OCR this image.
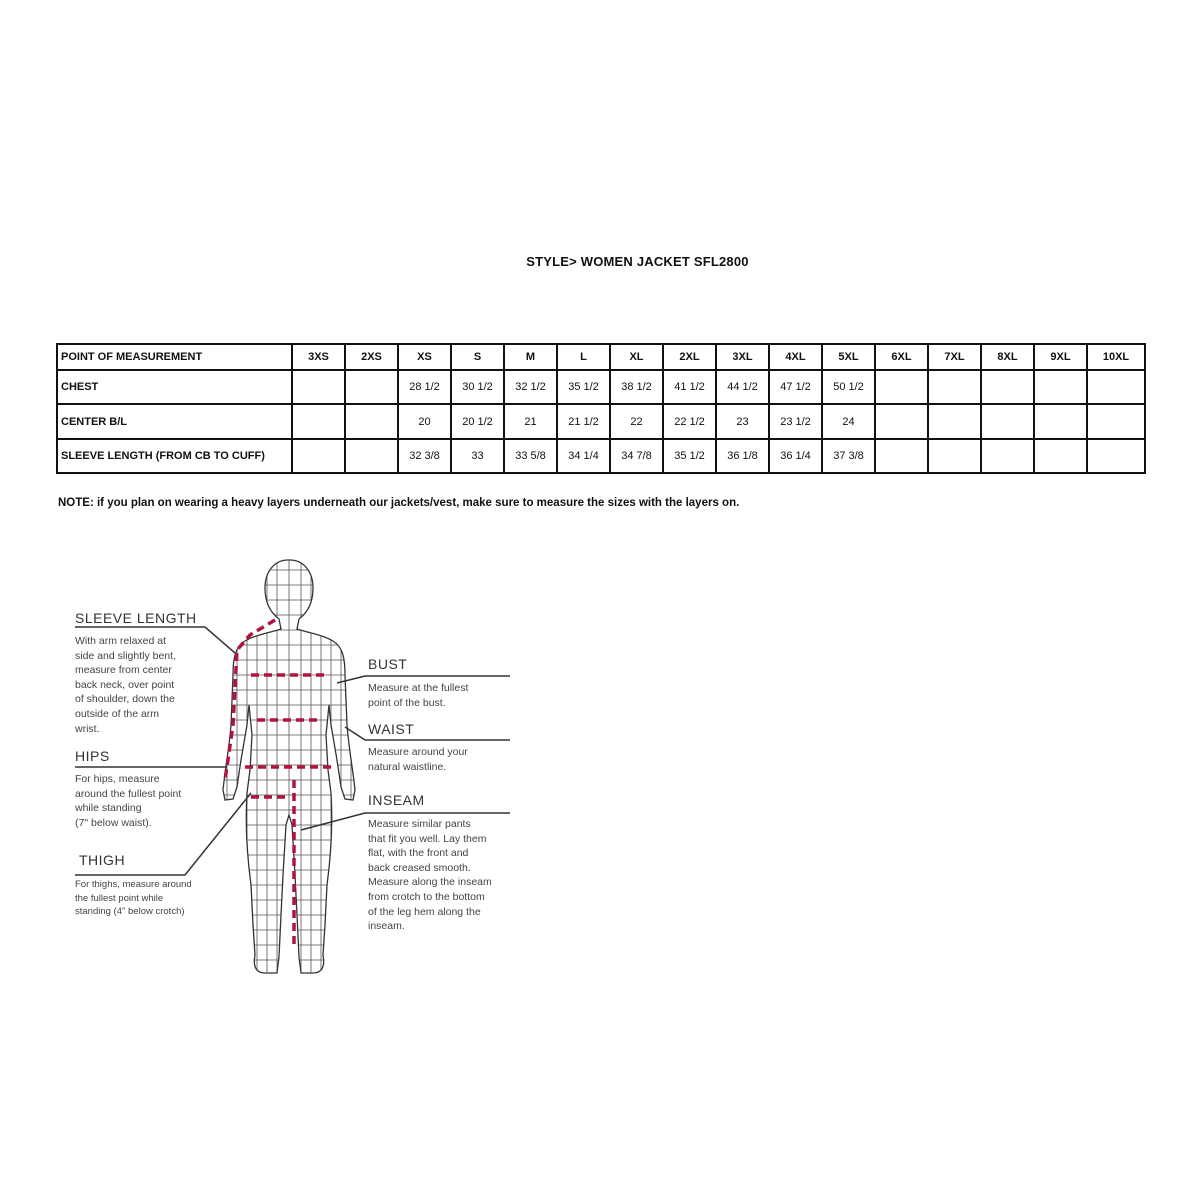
STYLE> WOMEN JACKET SFL2800
POINT OF MEASUREMENT	3XS	2XS	XS	S	M	L	XL	2XL	3XL	4XL	5XL	6XL	7XL	8XL	9XL	10XL
CHEST			28 1/2	30 1/2	32 1/2	35 1/2	38 1/2	41 1/2	44 1/2	47 1/2	50 1/2					
CENTER B/L			20	20 1/2	21	21 1/2	22	22 1/2	23	23 1/2	24					
SLEEVE LENGTH (FROM CB TO CUFF)			32 3/8	33	33 5/8	34 1/4	34 7/8	35 1/2	36 1/8	36 1/4	37 3/8					
NOTE: if you plan on wearing a heavy layers underneath our jackets/vest, make sure to measure the sizes with the layers on.
SLEEVE LENGTH
With arm relaxed at
side and slightly bent,
measure from center
back neck, over point
of shoulder, down the
outside of the arm
wrist.
HIPS
For hips, measure
around the fullest point
while standing
(7" below waist).
THIGH
For thighs, measure around
the fullest point while
standing (4" below crotch)
BUST
Measure at the fullest
point of the bust.
WAIST
Measure around your
natural waistline.
INSEAM
Measure similar pants
that fit you well. Lay them
flat, with the front and
back creased smooth.
Measure along the inseam
from crotch to the bottom
of the leg hem along the
inseam.
